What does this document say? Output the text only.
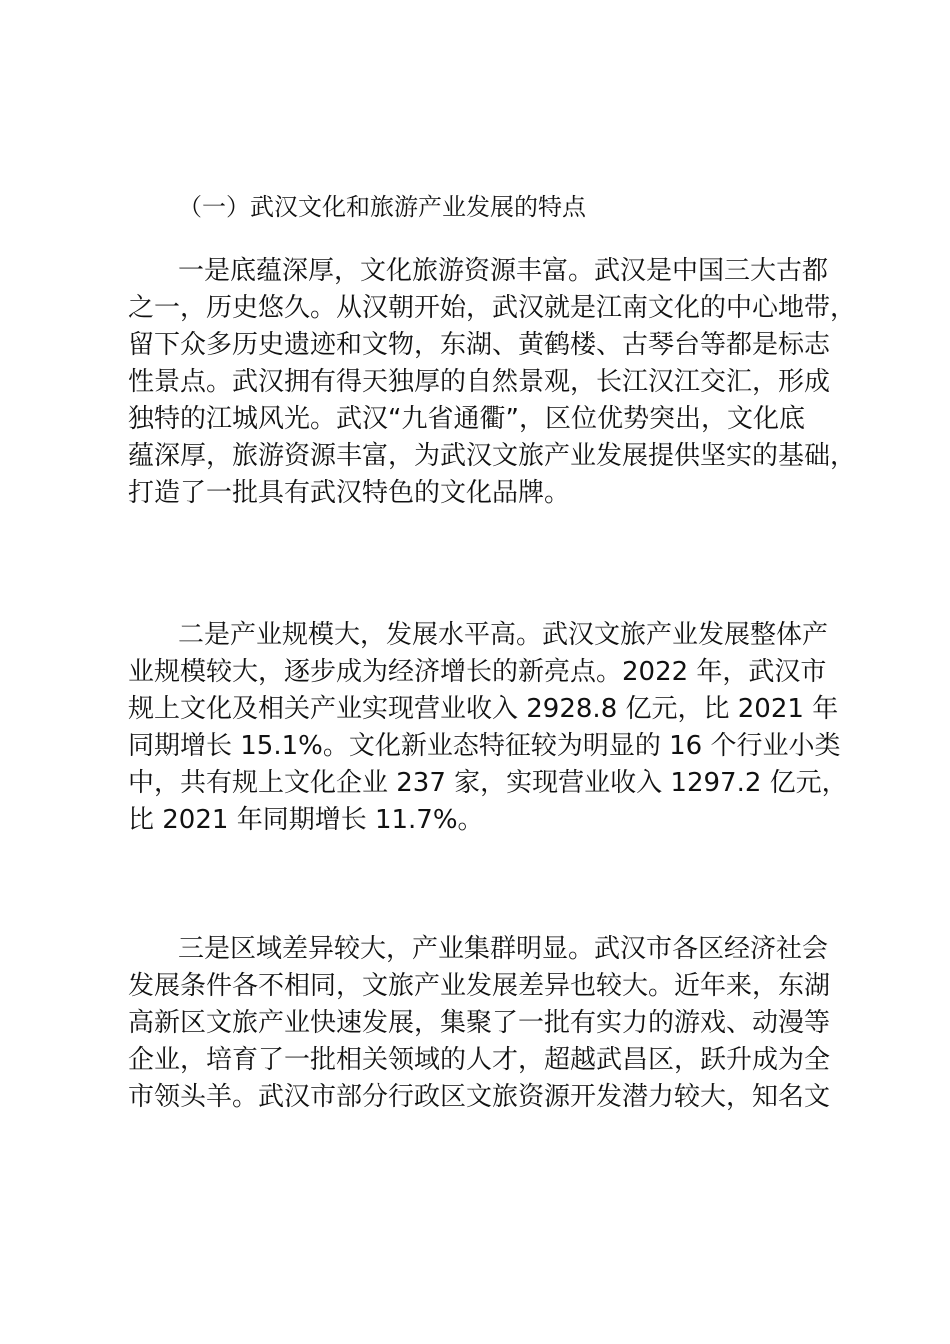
（一）武汉文化和旅游产业发展的特点
一是底蕴深厚，文化旅游资源丰富。武汉是中国三大古都
之一，历史悠久。从汉朝开始，武汉就是江南文化的中心地带，
留下众多历史遗迹和文物，东湖、黄鹤楼、古琴台等都是标志
性景点。武汉拥有得天独厚的自然景观，长江汉江交汇，形成
独特的江城风光。武汉“九省通衢”，区位优势突出，文化底
蕴深厚，旅游资源丰富，为武汉文旅产业发展提供坚实的基础，
打造了一批具有武汉特色的文化品牌。
二是产业规模大，发展水平高。武汉文旅产业发展整体产
业规模较大，逐步成为经济增长的新亮点。2022 年，武汉市
规上文化及相关产业实现营业收入 2928.8 亿元，比 2021 年
同期增长 15.1%。文化新业态特征较为明显的 16 个行业小类
中，共有规上文化企业 237 家，实现营业收入 1297.2 亿元，
比 2021 年同期增长 11.7%。
三是区域差异较大，产业集群明显。武汉市各区经济社会
发展条件各不相同，文旅产业发展差异也较大。近年来，东湖
高新区文旅产业快速发展，集聚了一批有实力的游戏、动漫等
企业，培育了一批相关领域的人才，超越武昌区，跃升成为全
市领头羊。武汉市部分行政区文旅资源开发潜力较大，知名文
